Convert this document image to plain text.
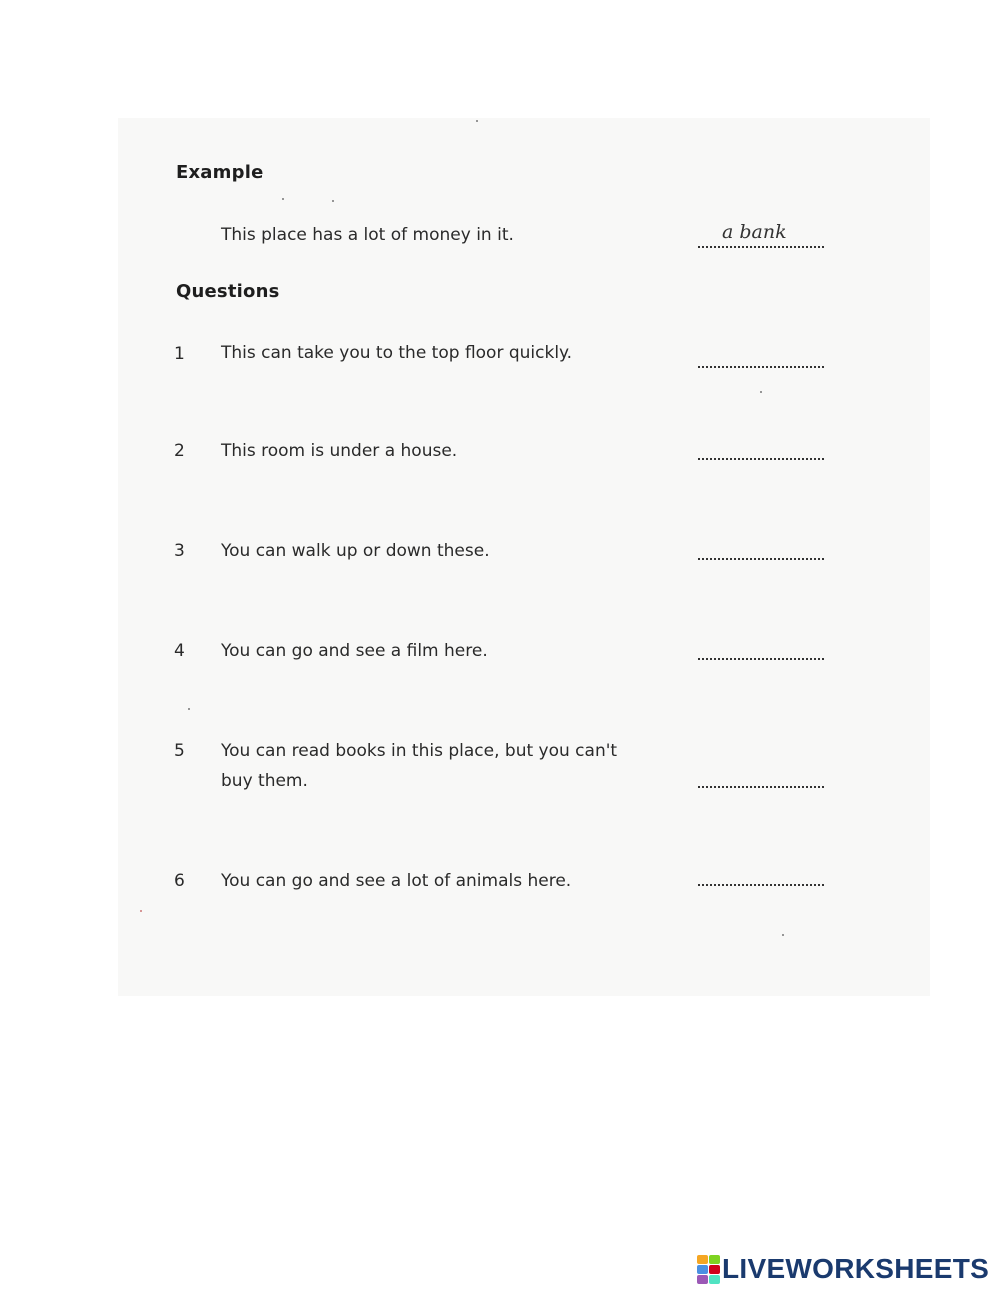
Example
This place has a lot of money in it.	a bank
Questions
1	This can take you to the top floor quickly.
2	This room is under a house.
3	You can walk up or down these.
4	You can go and see a film here.
5	You can read books in this place, but you can't buy them.
6	You can go and see a lot of animals here.
LIVEWORKSHEETS
